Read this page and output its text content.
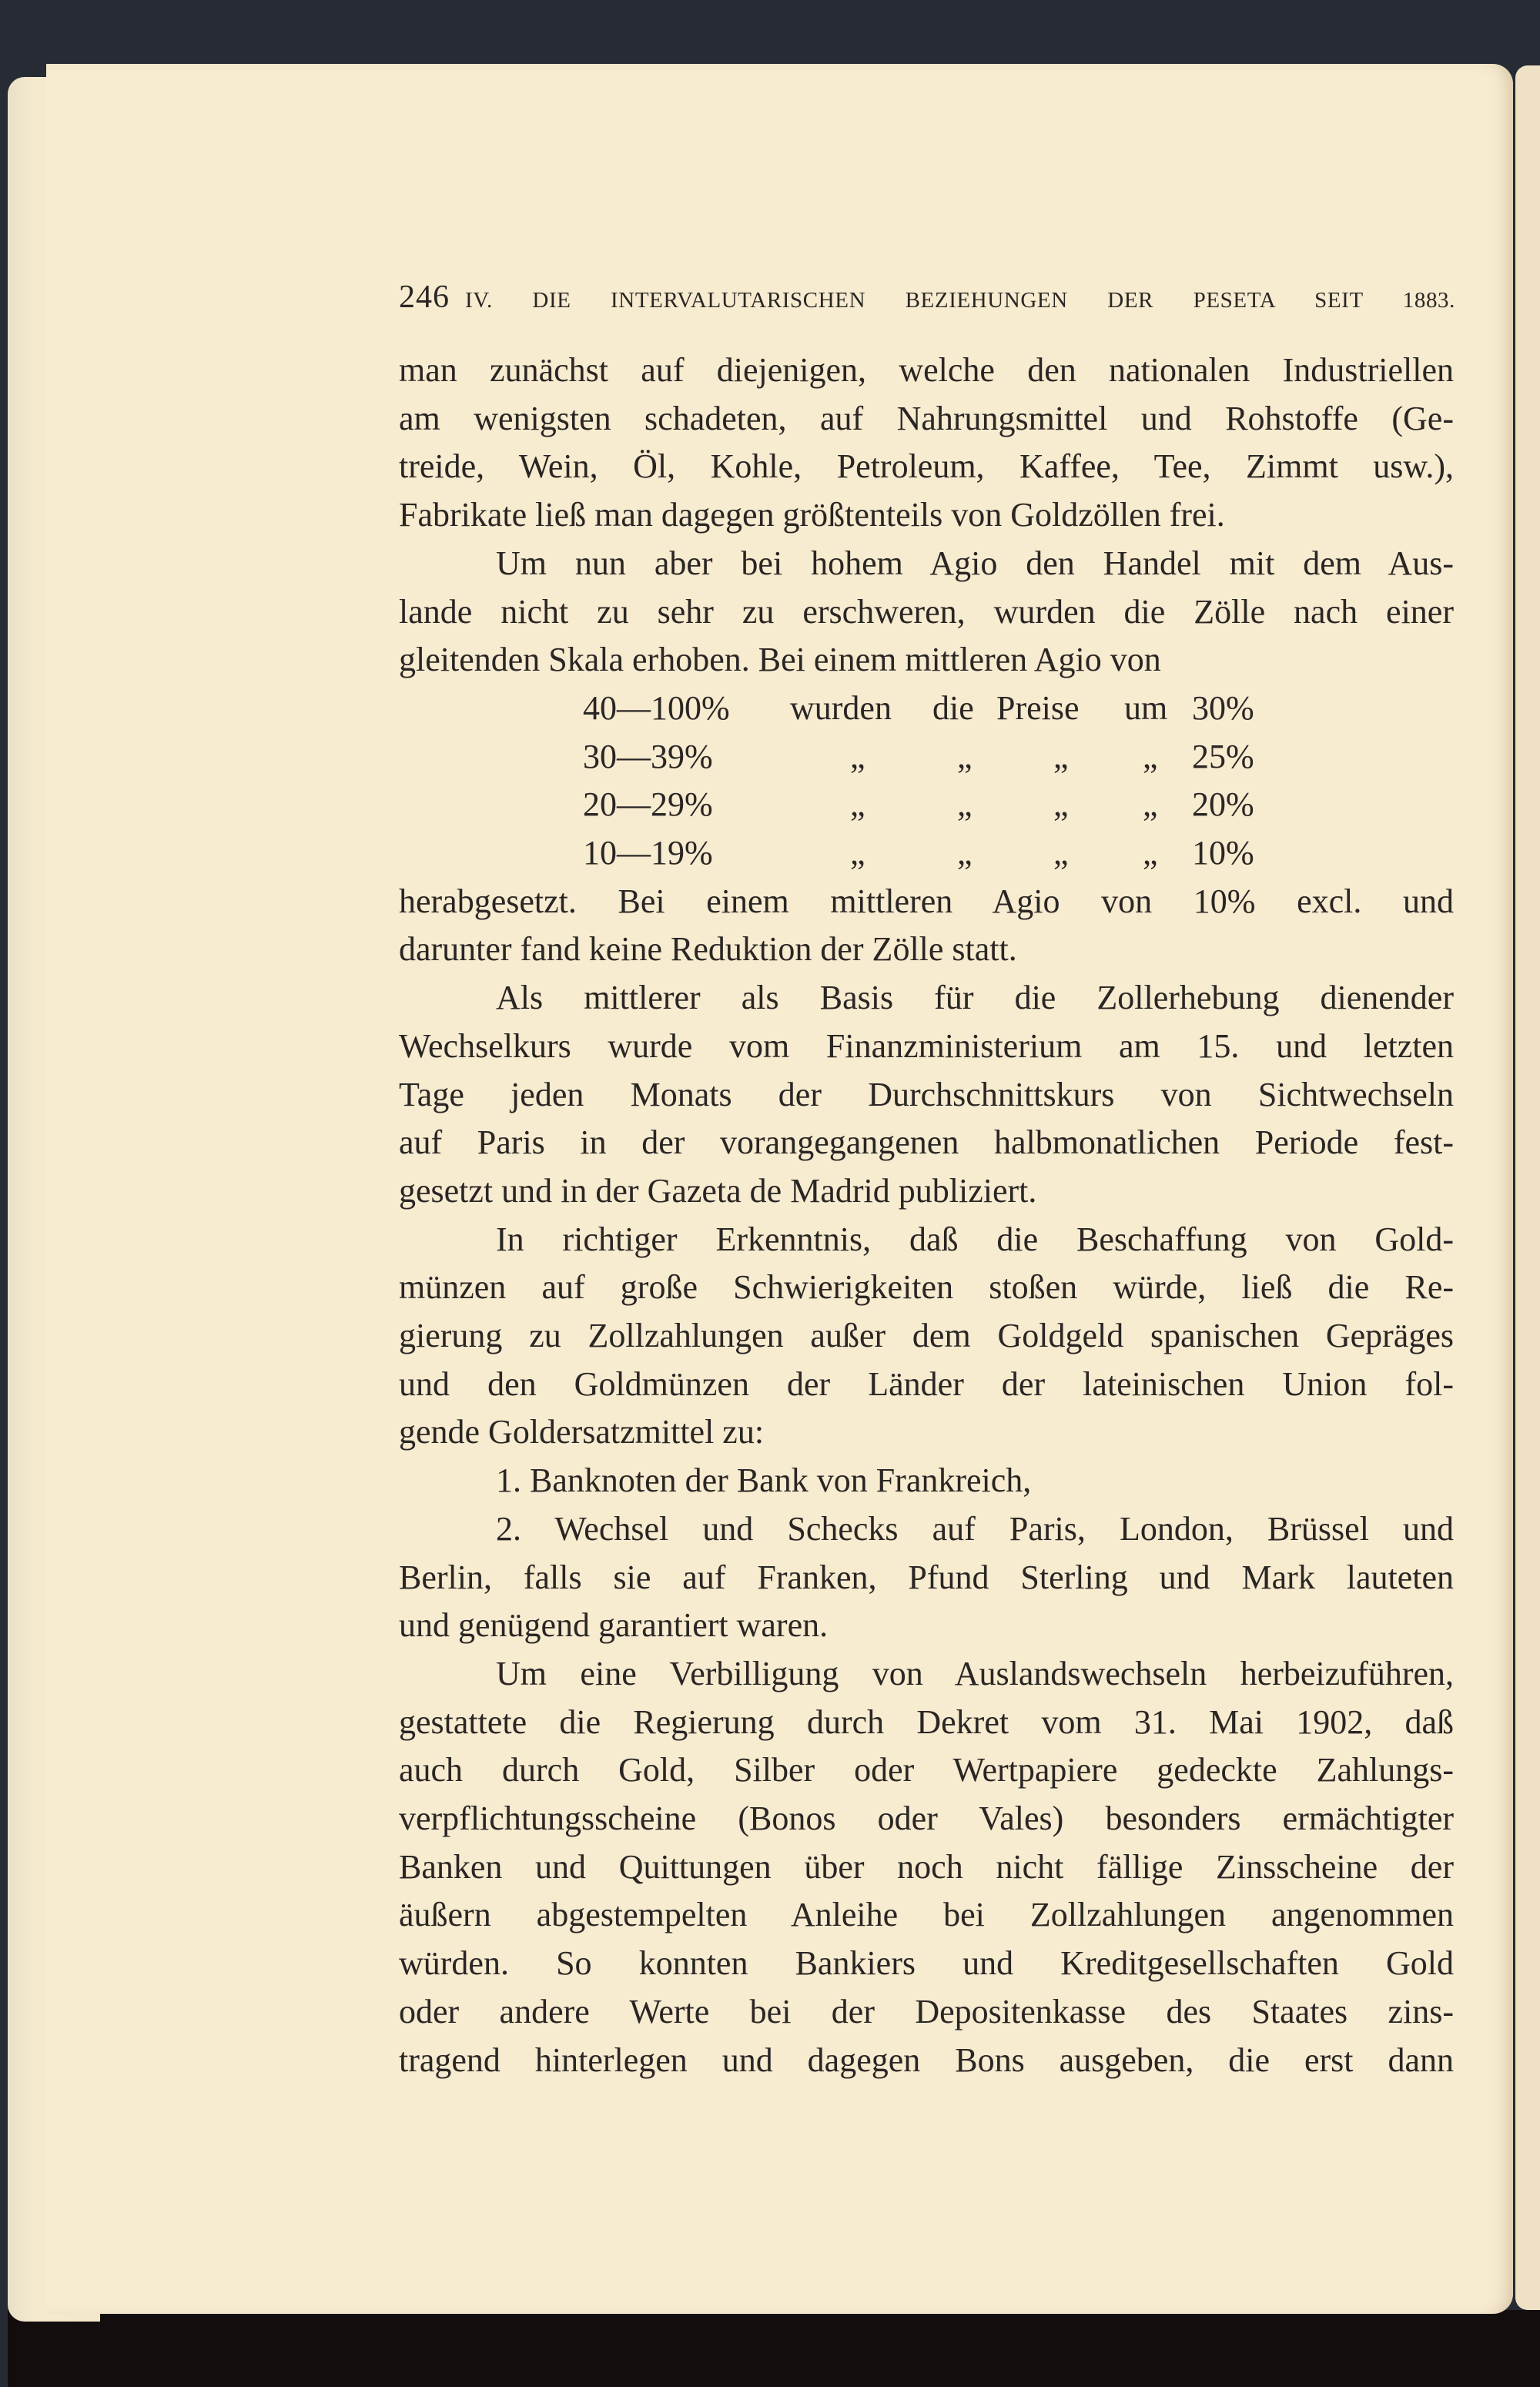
246 IV. DIE INTERVALUTARISCHEN BEZIEHUNGEN DER PESETA SEIT 1883.
man zunächst auf diejenigen, welche den nationalen Industriellen
am wenigsten schadeten, auf Nahrungsmittel und Rohstoffe (Ge-
treide, Wein, Öl, Kohle, Petroleum, Kaffee, Tee, Zimmt usw.),
Fabrikate ließ man dagegen größtenteils von Goldzöllen frei.
Um nun aber bei hohem Agio den Handel mit dem Aus-
lande nicht zu sehr zu erschweren, wurden die Zölle nach einer
gleitenden Skala erhoben. Bei einem mittleren Agio von
herabgesetzt. Bei einem mittleren Agio von 10% excl. und
darunter fand keine Reduktion der Zölle statt.
Als mittlerer als Basis für die Zollerhebung dienender
Wechselkurs wurde vom Finanzministerium am 15. und letzten
Tage jeden Monats der Durchschnittskurs von Sichtwechseln
auf Paris in der vorangegangenen halbmonatlichen Periode fest-
gesetzt und in der Gazeta de Madrid publiziert.
In richtiger Erkenntnis, daß die Beschaffung von Gold-
münzen auf große Schwierigkeiten stoßen würde, ließ die Re-
gierung zu Zollzahlungen außer dem Goldgeld spanischen Gepräges
und den Goldmünzen der Länder der lateinischen Union fol-
gende Goldersatzmittel zu:
1. Banknoten der Bank von Frankreich,
2. Wechsel und Schecks auf Paris, London, Brüssel und
Berlin, falls sie auf Franken, Pfund Sterling und Mark lauteten
und genügend garantiert waren.
Um eine Verbilligung von Auslandswechseln herbeizuführen,
gestattete die Regierung durch Dekret vom 31. Mai 1902, daß
auch durch Gold, Silber oder Wertpapiere gedeckte Zahlungs-
verpflichtungsscheine (Bonos oder Vales) besonders ermächtigter
Banken und Quittungen über noch nicht fällige Zinsscheine der
äußern abgestempelten Anleihe bei Zollzahlungen angenommen
würden. So konnten Bankiers und Kreditgesellschaften Gold
oder andere Werte bei der Depositenkasse des Staates zins-
tragend hinterlegen und dagegen Bons ausgeben, die erst dann
40—100% wurden die Preise um 30%
30—39%	„	„ „ „ 25%
20—29%	„	„ „ „ 20%
10—19%	„	„ „ „ 10%
